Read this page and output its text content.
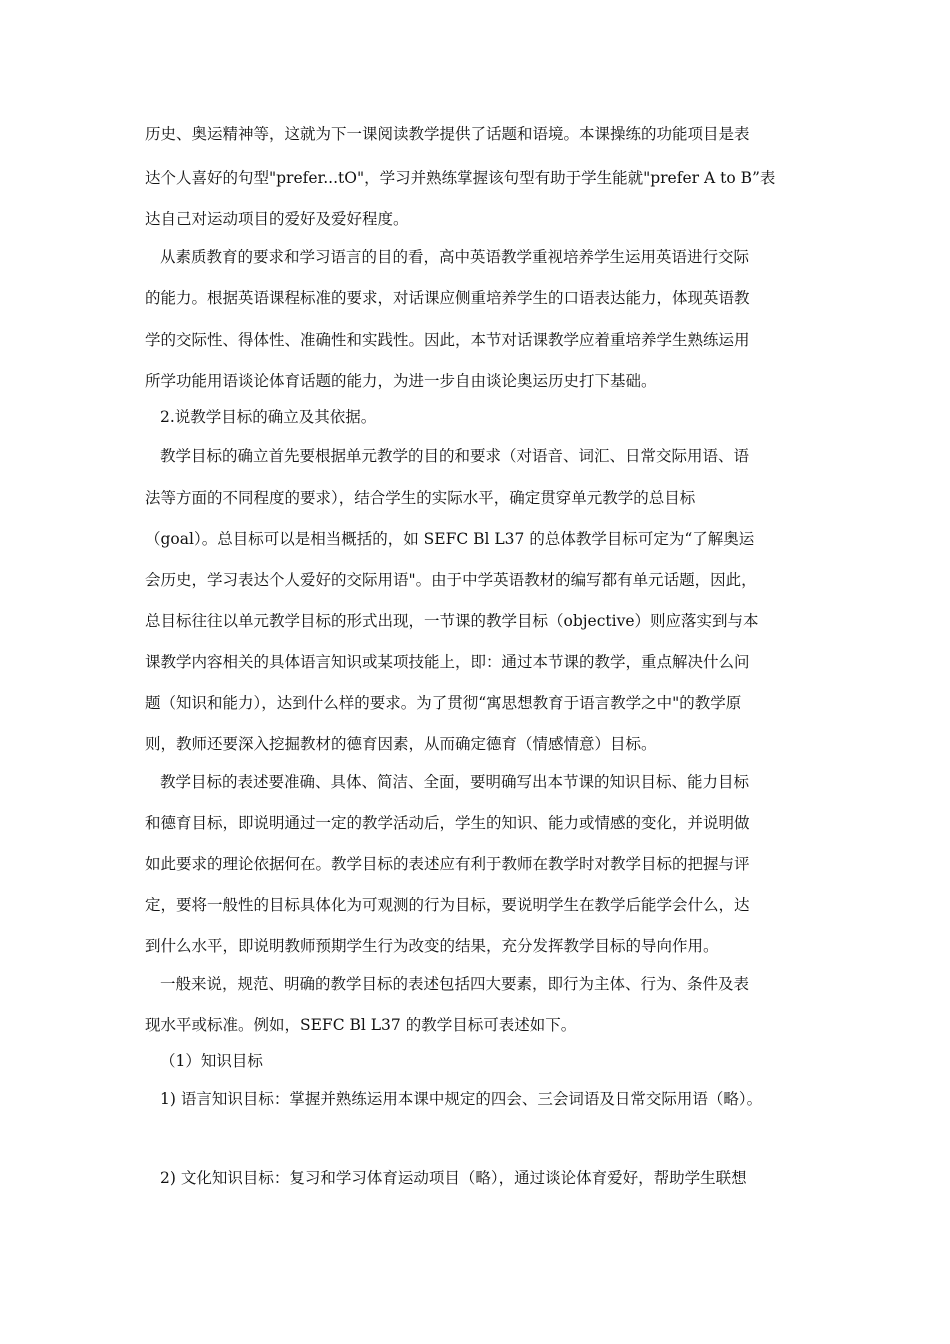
历史、奥运精神等，这就为下一课阅读教学提供了话题和语境。本课操练的功能项目是表
达个人喜好的句型"prefer...tO"，学习并熟练掌握该句型有助于学生能就"prefer A to B”表
达自己对运动项目的爱好及爱好程度。
从素质教育的要求和学习语言的目的看，高中英语教学重视培养学生运用英语进行交际
的能力。根据英语课程标准的要求，对话课应侧重培养学生的口语表达能力，体现英语教
学的交际性、得体性、准确性和实践性。因此，本节对话课教学应着重培养学生熟练运用
所学功能用语谈论体育话题的能力，为进一步自由谈论奥运历史打下基础。
2.说教学目标的确立及其依据。
教学目标的确立首先要根据单元教学的目的和要求（对语音、词汇、日常交际用语、语
法等方面的不同程度的要求），结合学生的实际水平，确定贯穿单元教学的总目标
（goal）。总目标可以是相当概括的，如 SEFC Bl L37 的总体教学目标可定为“了解奥运
会历史，学习表达个人爱好的交际用语"。由于中学英语教材的编写都有单元话题，因此，
总目标往往以单元教学目标的形式出现，一节课的教学目标（objective）则应落实到与本
课教学内容相关的具体语言知识或某项技能上，即：通过本节课的教学，重点解决什么问
题（知识和能力），达到什么样的要求。为了贯彻“寓思想教育于语言教学之中"的教学原
则，教师还要深入挖掘教材的德育因素，从而确定德育（情感情意）目标。
教学目标的表述要准确、具体、简洁、全面，要明确写出本节课的知识目标、能力目标
和德育目标，即说明通过一定的教学活动后，学生的知识、能力或情感的变化，并说明做
如此要求的理论依据何在。教学目标的表述应有利于教师在教学时对教学目标的把握与评
定，要将一般性的目标具体化为可观测的行为目标，要说明学生在教学后能学会什么，达
到什么水平，即说明教师预期学生行为改变的结果，充分发挥教学目标的导向作用。
一般来说，规范、明确的教学目标的表述包括四大要素，即行为主体、行为、条件及表
现水平或标准。例如，SEFC Bl L37 的教学目标可表述如下。
（1）知识目标
1) 语言知识目标：掌握并熟练运用本课中规定的四会、三会词语及日常交际用语（略）。
2) 文化知识目标：复习和学习体育运动项目（略），通过谈论体育爱好，帮助学生联想
